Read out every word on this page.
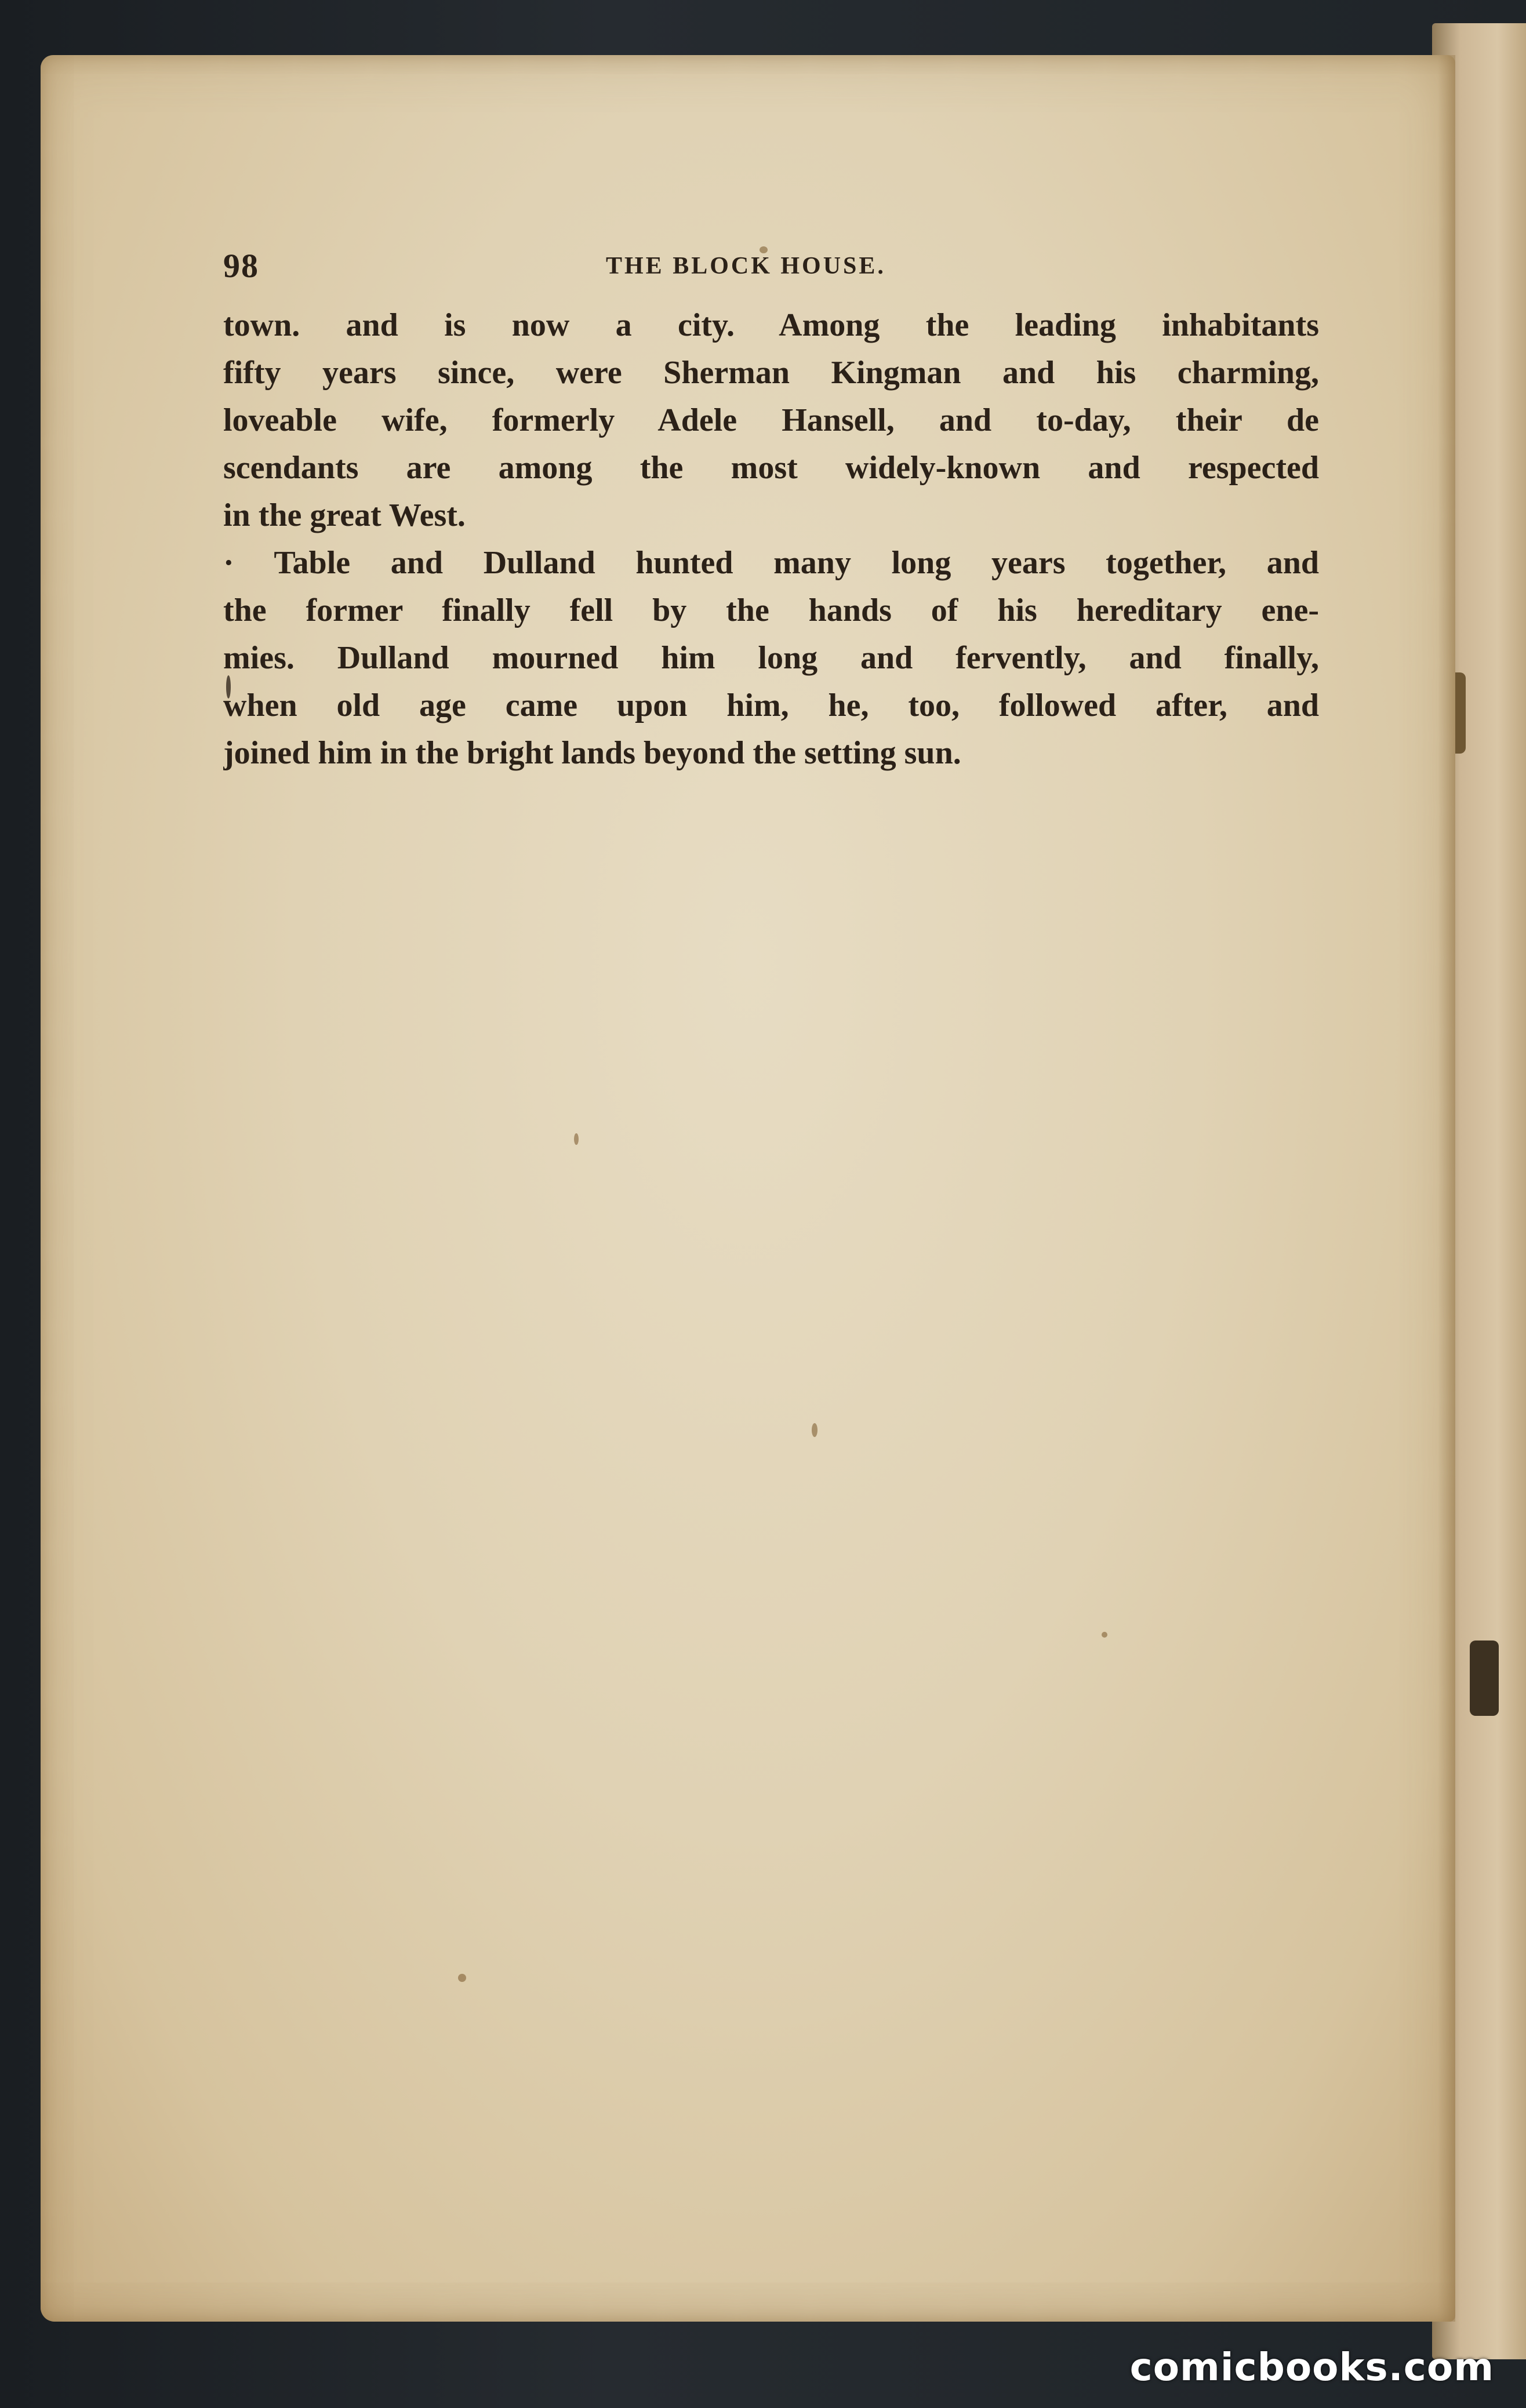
98	THE BLOCK HOUSE.
town. and is now a city. Among the leading inhabitants
fifty years since, were Sherman Kingman and his charming,
loveable wife, formerly Adele Hansell, and to-day, their de
scendants are among the most widely-known and respected
in the great West.
· Table and Dulland hunted many long years together, and
the former finally fell by the hands of his hereditary ene-
mies. Dulland mourned him long and fervently, and finally,
when old age came upon him, he, too, followed after, and
joined him in the bright lands beyond the setting sun.
comicbooks.com
